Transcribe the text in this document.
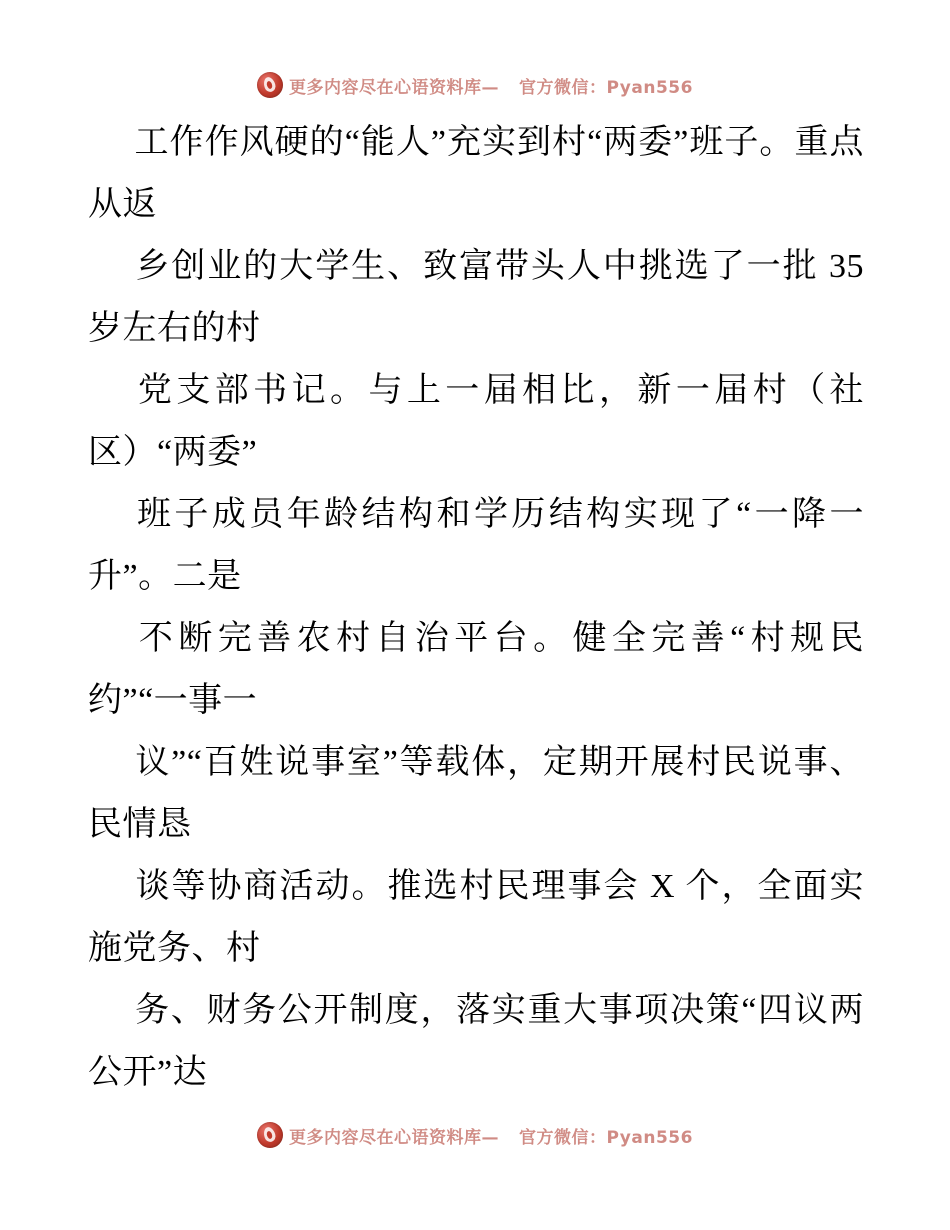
更多内容尽在心语资料库— 官方微信：Pyan556

工作作风硬的“能人”充实到村“两委”班子。重点从返

乡创业的大学生、致富带头人中挑选了一批 35 岁左右的村

党支部书记。与上一届相比，新一届村（社区）“两委”

班子成员年龄结构和学历结构实现了“一降一升”。二是

不断完善农村自治平台。健全完善“村规民约”“一事一

议”“百姓说事室”等载体，定期开展村民说事、民情恳

谈等协商活动。推选村民理事会 X 个，全面实施党务、村

务、财务公开制度，落实重大事项决策“四议两公开”达

更多内容尽在心语资料库— 官方微信：Pyan556
